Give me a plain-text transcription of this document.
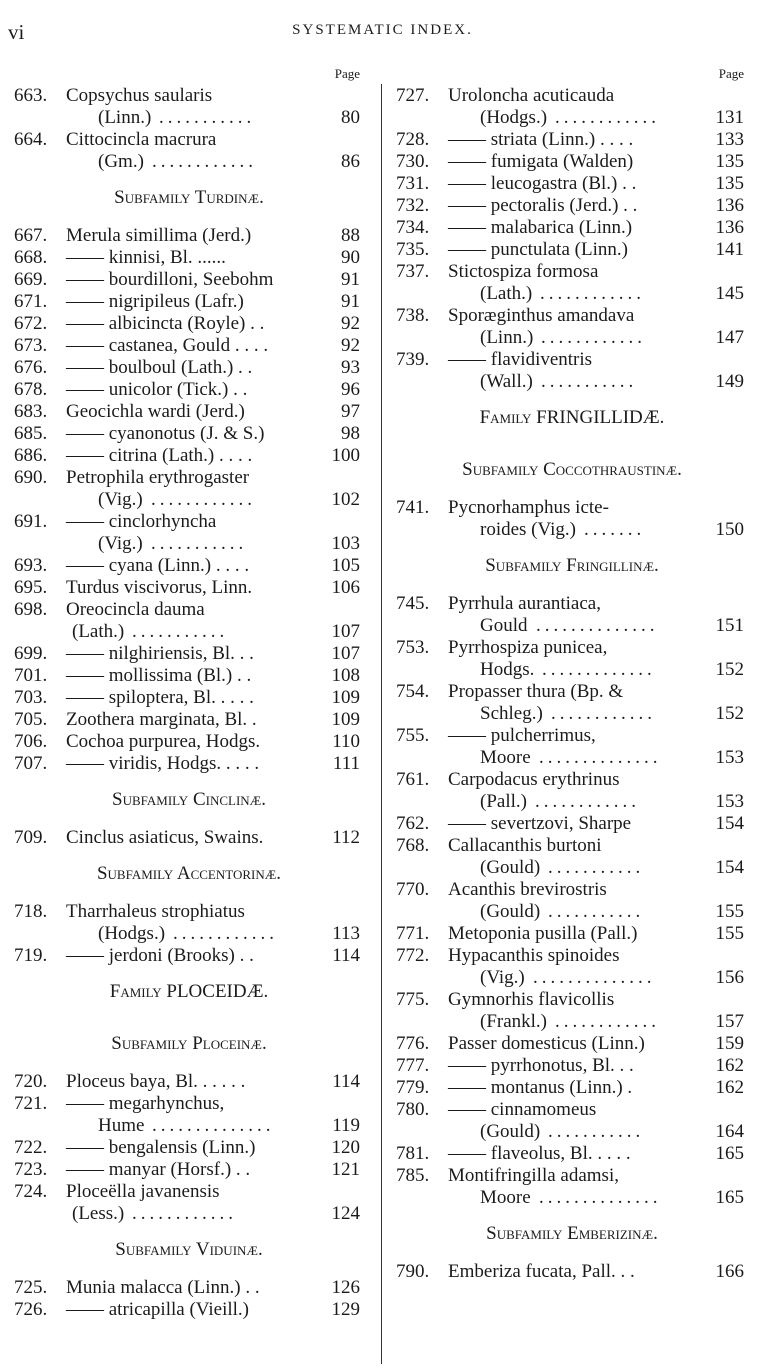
vi	SYSTEMATIC INDEX.
Page
663. Copsychus saularis
(Linn.) ...........	80
664. Cittocincla macrura
(Gm.) ............	86
Subfamily Turdinæ.
667. Merula simillima (Jerd.)	88
668. —— kinnisi, Bl. ......	90
669. —— bourdilloni, Seebohm	91
671. —— nigripileus (Lafr.)	91
672. —— albicincta (Royle) . .	92
673. —— castanea, Gould . . . .	92
676. —— boulboul (Lath.) . .	93
678. —— unicolor (Tick.) . .	96
683. Geocichla wardi (Jerd.)	97
685. —— cyanonotus (J. & S.)	98
686. —— citrina (Lath.) . . . .	100
690. Petrophila erythrogaster
(Vig.) ............	102
691. —— cinclorhyncha
(Vig.) ...........	103
693. —— cyana (Linn.) . . . .	105
695. Turdus viscivorus, Linn.	106
698. Oreocincla dauma
(Lath.) ...........	107
699. —— nilghiriensis, Bl. . .	107
701. —— mollissima (Bl.) . .	108
703. —— spiloptera, Bl. . . . .	109
705. Zoothera marginata, Bl. .	109
706. Cochoa purpurea, Hodgs.	110
707. —— viridis, Hodgs. . . . .	111
Subfamily Cinclinæ.
709. Cinclus asiaticus, Swains.	112
Subfamily Accentorinæ.
718. Tharrhaleus strophiatus
(Hodgs.) ............	113
719. —— jerdoni (Brooks) . .	114
Family PLOCEIDÆ.
Subfamily Ploceinæ.
720. Ploceus baya, Bl. . . . . .	114
721. —— megarhynchus,
Hume ..............	119
722. —— bengalensis (Linn.)	120
723. —— manyar (Horsf.) . .	121
724. Ploceëlla javanensis
(Less.) ............	124
Subfamily Viduinæ.
725. Munia malacca (Linn.) . .	126
726. —— atricapilla (Vieill.)	129
Page
727. Uroloncha acuticauda
(Hodgs.) ............	131
728. —— striata (Linn.) . . . .	133
730. —— fumigata (Walden)	135
731. —— leucogastra (Bl.) . .	135
732. —— pectoralis (Jerd.) . .	136
734. —— malabarica (Linn.)	136
735. —— punctulata (Linn.)	141
737. Stictospiza formosa
(Lath.) ............	145
738. Sporæginthus amandava
(Linn.) ............	147
739. —— flavidiventris
(Wall.) ...........	149
Family FRINGILLIDÆ.
Subfamily Coccothraustinæ.
741. Pycnorhamphus icte-
roides (Vig.) .......	150
Subfamily Fringillinæ.
745. Pyrrhula aurantiaca,
Gould ..............	151
753. Pyrrhospiza punicea,
Hodgs. .............	152
754. Propasser thura (Bp. &
Schleg.) ............	152
755. —— pulcherrimus,
Moore ..............	153
761. Carpodacus erythrinus
(Pall.) ............	153
762. —— severtzovi, Sharpe	154
768. Callacanthis burtoni
(Gould) ...........	154
770. Acanthis brevirostris
(Gould) ...........	155
771. Metoponia pusilla (Pall.)	155
772. Hypacanthis spinoides
(Vig.) ..............	156
775. Gymnorhis flavicollis
(Frankl.) ............	157
776. Passer domesticus (Linn.)	159
777. —— pyrrhonotus, Bl. . .	162
779. —— montanus (Linn.) .	162
780. —— cinnamomeus
(Gould) ...........	164
781. —— flaveolus, Bl. . . . .	165
785. Montifringilla adamsi,
Moore ..............	165
Subfamily Emberizinæ.
790. Emberiza fucata, Pall. . .	166
